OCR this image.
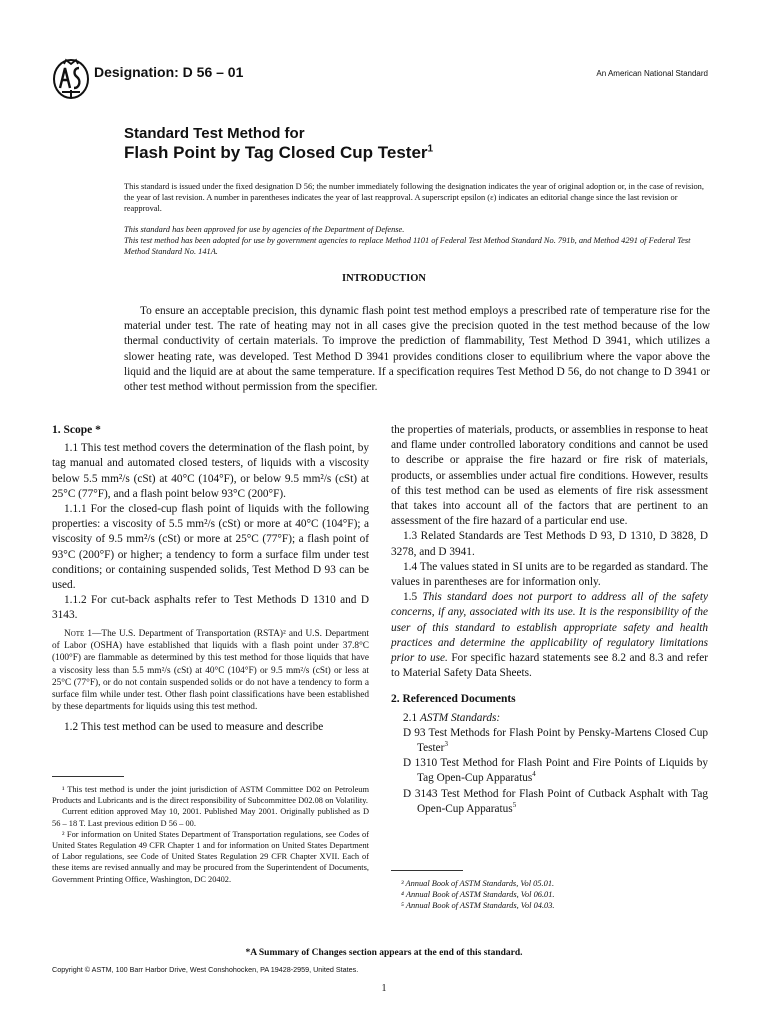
Designation: D 56 – 01	An American National Standard
Standard Test Method for
Flash Point by Tag Closed Cup Tester$^1$
This standard is issued under the fixed designation D 56; the number immediately following the designation indicates the year of original adoption or, in the case of revision, the year of last revision. A number in parentheses indicates the year of last reapproval. A superscript epsilon (ε) indicates an editorial change since the last revision or reapproval.
This standard has been approved for use by agencies of the Department of Defense.
This test method has been adopted for use by government agencies to replace Method 1101 of Federal Test Method Standard No. 791b, and Method 4291 of Federal Test Method Standard No. 141A.
INTRODUCTION
To ensure an acceptable precision, this dynamic flash point test method employs a prescribed rate of temperature rise for the material under test. The rate of heating may not in all cases give the precision quoted in the test method because of the low thermal conductivity of certain materials. To improve the prediction of flammability, Test Method D 3941, which utilizes a slower heating rate, was developed. Test Method D 3941 provides conditions closer to equilibrium where the vapor above the liquid and the liquid are at about the same temperature. If a specification requires Test Method D 56, do not change to D 3941 or other test method without permission from the specifier.
1. Scope *

1.1 This test method covers the determination of the flash point, by tag manual and automated closed testers, of liquids with a viscosity below 5.5 mm²/s (cSt) at 40°C (104°F), or below 9.5 mm²/s (cSt) at 25°C (77°F), and a flash point below 93°C (200°F).

1.1.1 For the closed-cup flash point of liquids with the following properties: a viscosity of 5.5 mm²/s (cSt) or more at 40°C (104°F); a viscosity of 9.5 mm²/s (cSt) or more at 25°C (77°F); a flash point of 93°C (200°F) or higher; a tendency to form a surface film under test conditions; or containing suspended solids, Test Method D 93 can be used.

1.1.2 For cut-back asphalts refer to Test Methods D 1310 and D 3143.

Note 1—The U.S. Department of Transportation (RSTA)² and U.S. Department of Labor (OSHA) have established that liquids with a flash point under 37.8°C (100°F) are flammable as determined by this test method for those liquids that have a viscosity less than 5.5 mm²/s (cSt) at 40°C (104°F) or 9.5 mm²/s (cSt) or less at 25°C (77°F), or do not contain suspended solids or do not have a tendency to form a surface film while under test. Other flash point classifications have been established by these departments for liquids using this test method.

1.2 This test method can be used to measure and describe

¹ This test method is under the joint jurisdiction of ASTM Committee D02 on Petroleum Products and Lubricants and is the direct responsibility of Subcommittee D02.08 on Volatility.

Current edition approved May 10, 2001. Published May 2001. Originally published as D 56 – 18 T. Last previous edition D 56 – 00.

² For information on United States Department of Transportation regulations, see Codes of United States Regulation 49 CFR Chapter 1 and for information on United States Department of Labor regulations, see Code of United States Regulation 29 CFR Chapter XVII. Each of these items are revised annually and may be procured from the Superintendent of Documents, Government Printing Office, Washington, DC 20402.

the properties of materials, products, or assemblies in response to heat and flame under controlled laboratory conditions and cannot be used to describe or appraise the fire hazard or fire risk of materials, products, or assemblies under actual fire conditions. However, results of this test method can be used as elements of fire risk assessment that takes into account all of the factors that are pertinent to an assessment of the fire hazard of a particular end use.

1.3 Related Standards are Test Methods D 93, D 1310, D 3828, D 3278, and D 3941.

1.4 The values stated in SI units are to be regarded as standard. The values in parentheses are for information only.

1.5 This standard does not purport to address all of the safety concerns, if any, associated with its use. It is the responsibility of the user of this standard to establish appropriate safety and health practices and determine the applicability of regulatory limitations prior to use. For specific hazard statements see 8.2 and 8.3 and refer to Material Safety Data Sheets.

2. Referenced Documents

2.1 ASTM Standards:

D 93 Test Methods for Flash Point by Pensky-Martens Closed Cup Tester$^3$

D 1310 Test Method for Flash Point and Fire Points of Liquids by Tag Open-Cup Apparatus$^4$

D 3143 Test Method for Flash Point of Cutback Asphalt with Tag Open-Cup Apparatus$^5$

³ Annual Book of ASTM Standards, Vol 05.01.

⁴ Annual Book of ASTM Standards, Vol 06.01.

⁵ Annual Book of ASTM Standards, Vol 04.03.

*A Summary of Changes section appears at the end of this standard.
Copyright © ASTM, 100 Barr Harbor Drive, West Conshohocken, PA 19428-2959, United States.
1
